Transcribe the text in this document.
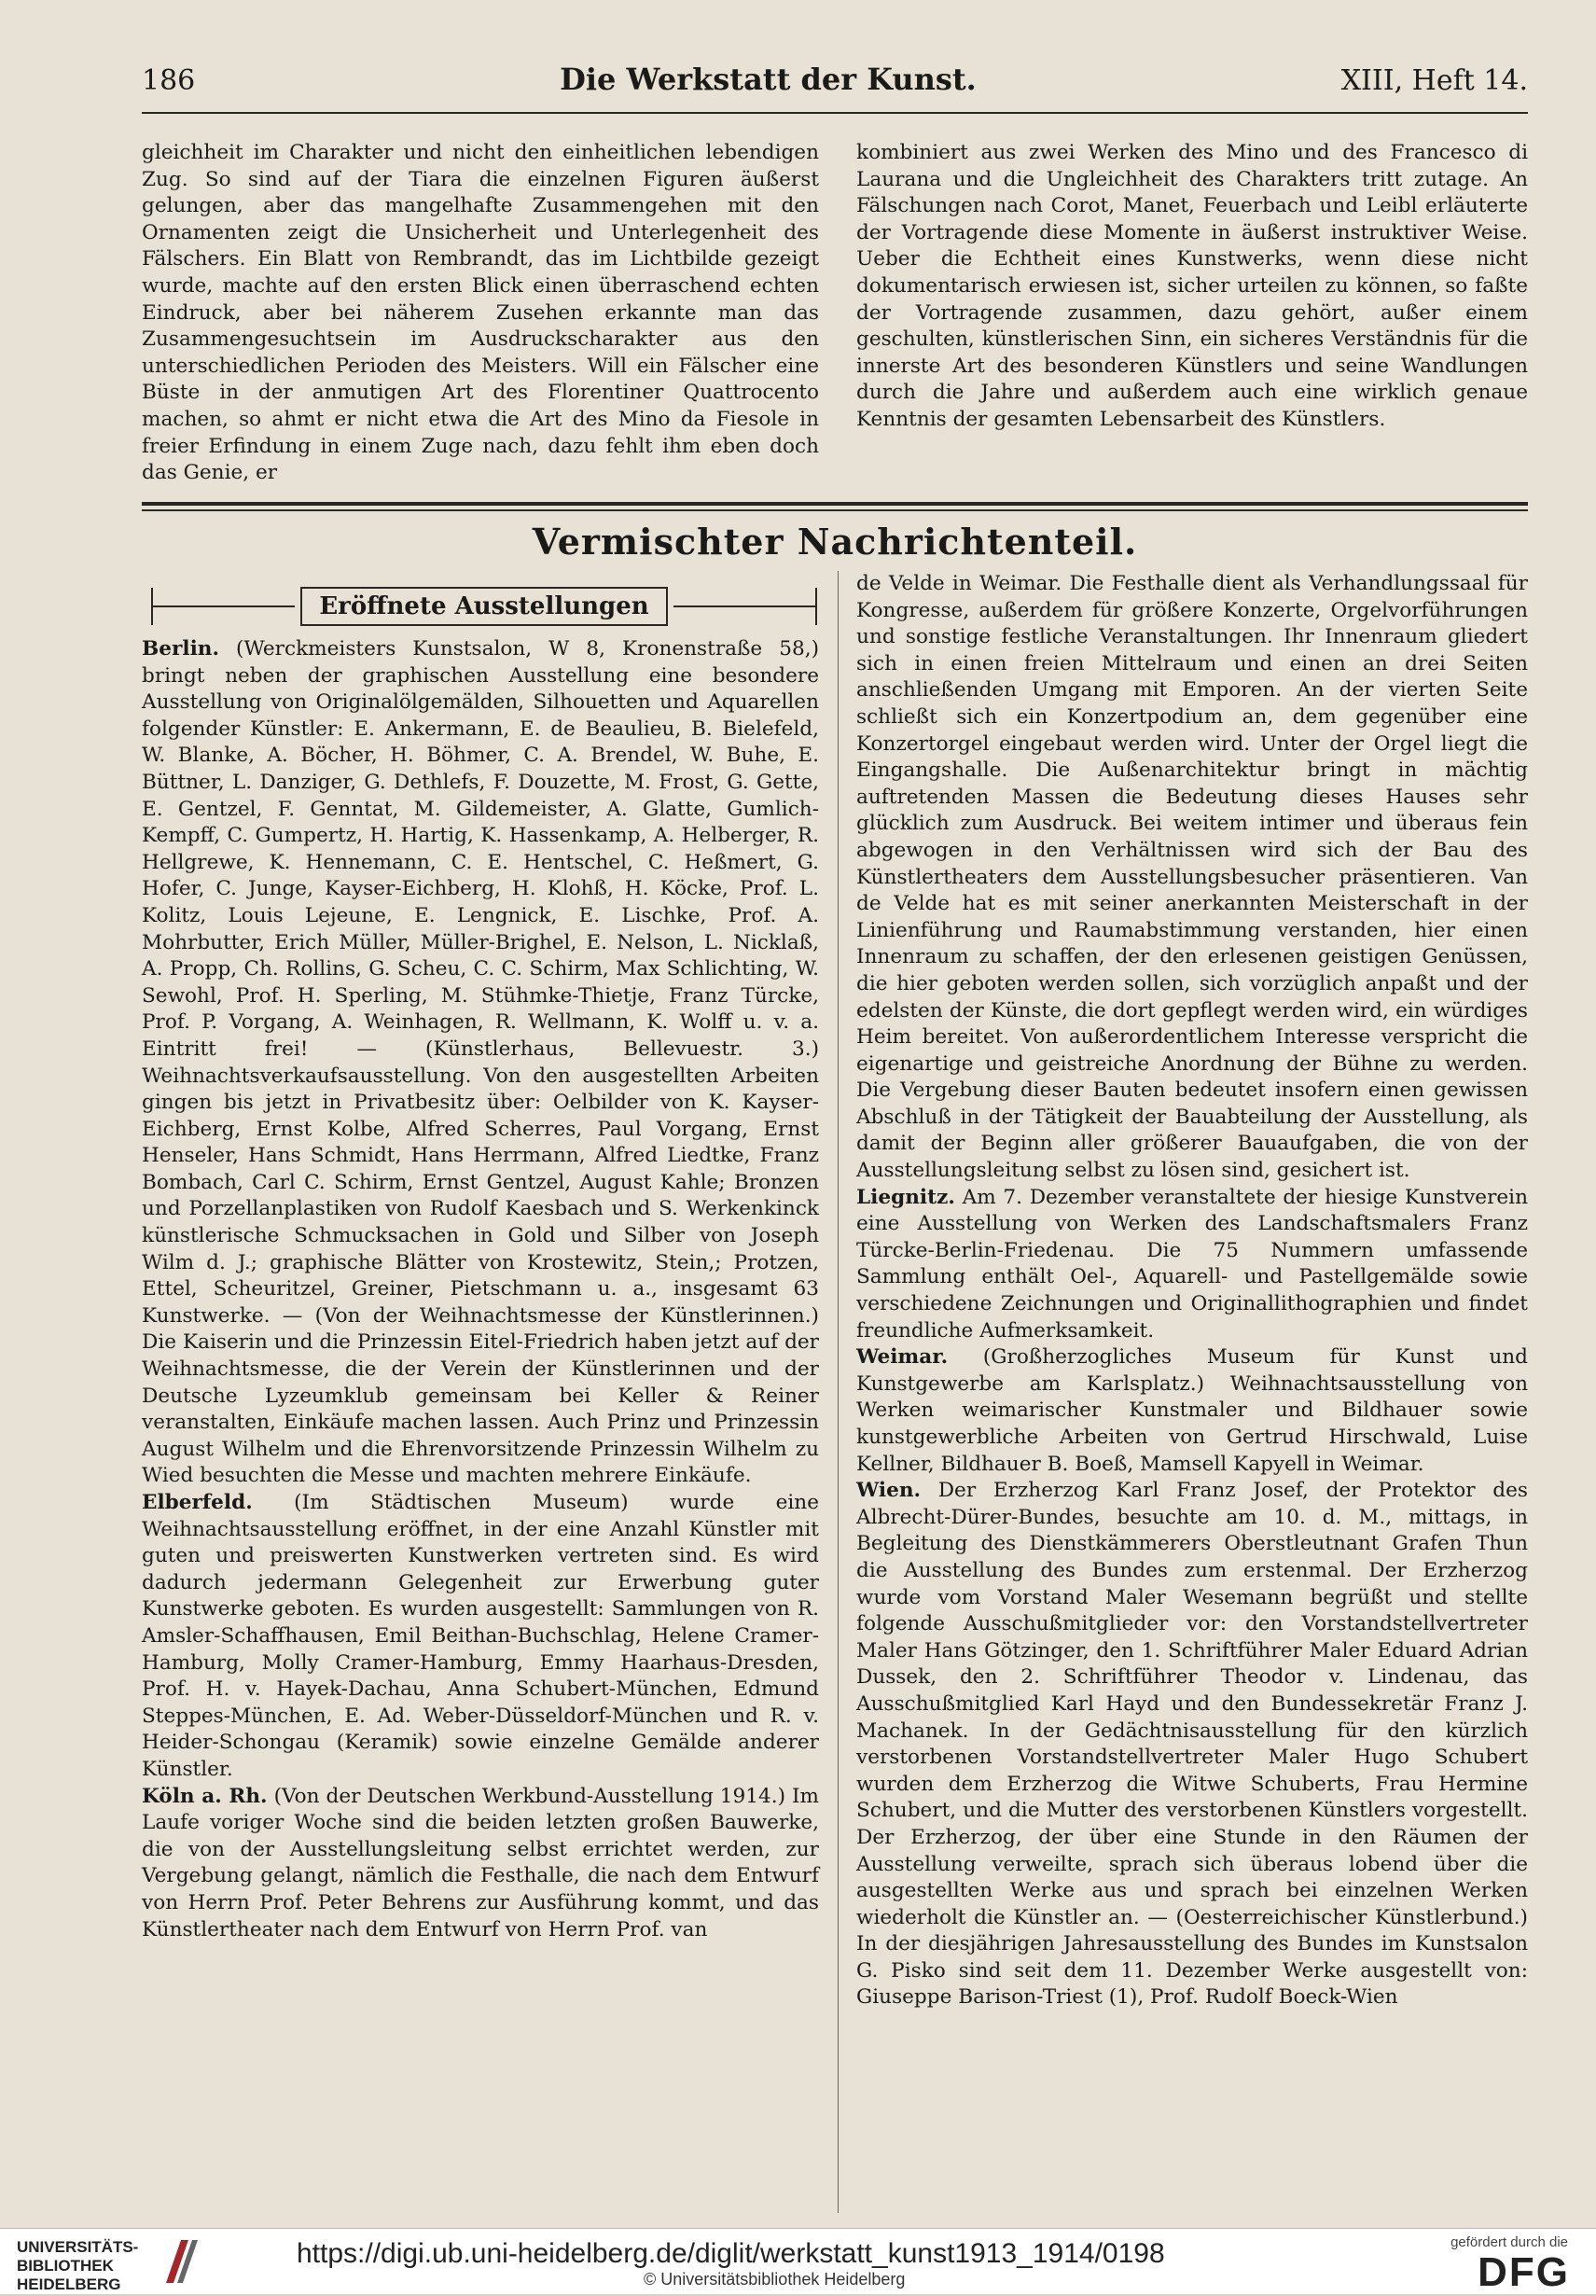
186	Die Werkstatt der Kunst.	XIII, Heft 14.

gleichheit im Charakter und nicht den einheitlichen lebendigen Zug. So sind auf der Tiara die einzelnen Figuren äußerst gelungen, aber das mangelhafte Zusammengehen mit den Ornamenten zeigt die Unsicherheit und Unterlegenheit des Fälschers. Ein Blatt von Rembrandt, das im Lichtbilde gezeigt wurde, machte auf den ersten Blick einen überraschend echten Eindruck, aber bei näherem Zusehen erkannte man das Zusammengesuchtsein im Ausdruckscharakter aus den unterschiedlichen Perioden des Meisters. Will ein Fälscher eine Büste in der anmutigen Art des Florentiner Quattrocento machen, so ahmt er nicht etwa die Art des Mino da Fiesole in freier Erfindung in einem Zuge nach, dazu fehlt ihm eben doch das Genie, er

kombiniert aus zwei Werken des Mino und des Francesco di Laurana und die Ungleichheit des Charakters tritt zutage. An Fälschungen nach Corot, Manet, Feuerbach und Leibl erläuterte der Vortragende diese Momente in äußerst instruktiver Weise. Ueber die Echtheit eines Kunstwerks, wenn diese nicht dokumentarisch erwiesen ist, sicher urteilen zu können, so faßte der Vortragende zusammen, dazu gehört, außer einem geschulten, künstlerischen Sinn, ein sicheres Verständnis für die innerste Art des besonderen Künstlers und seine Wandlungen durch die Jahre und außerdem auch eine wirklich genaue Kenntnis der gesamten Lebensarbeit des Künstlers.

Vermischter Nachrichtenteil.
Eröffnete Ausstellungen

Berlin. (Werckmeisters Kunstsalon, W 8, Kronenstraße 58,) bringt neben der graphischen Ausstellung eine besondere Ausstellung von Originalölgemälden, Silhouetten und Aquarellen folgender Künstler: E. Ankermann, E. de Beaulieu, B. Bielefeld, W. Blanke, A. Böcher, H. Böhmer, C. A. Brendel, W. Buhe, E. Büttner, L. Danziger, G. Dethlefs, F. Douzette, M. Frost, G. Gette, E. Gentzel, F. Genntat, M. Gildemeister, A. Glatte, Gumlich-Kempff, C. Gumpertz, H. Hartig, K. Hassenkamp, A. Helberger, R. Hellgrewe, K. Hennemann, C. E. Hentschel, C. Heßmert, G. Hofer, C. Junge, Kayser-Eichberg, H. Klohß, H. Köcke, Prof. L. Kolitz, Louis Lejeune, E. Lengnick, E. Lischke, Prof. A. Mohrbutter, Erich Müller, Müller-Brighel, E. Nelson, L. Nicklaß, A. Propp, Ch. Rollins, G. Scheu, C. C. Schirm, Max Schlichting, W. Sewohl, Prof. H. Sperling, M. Stühmke-Thietje, Franz Türcke, Prof. P. Vorgang, A. Weinhagen, R. Wellmann, K. Wolff u. v. a. Eintritt frei! — (Künstlerhaus, Bellevuestr. 3.) Weihnachtsverkaufsausstellung. Von den ausgestellten Arbeiten gingen bis jetzt in Privatbesitz über: Oelbilder von K. Kayser-Eichberg, Ernst Kolbe, Alfred Scherres, Paul Vorgang, Ernst Henseler, Hans Schmidt, Hans Herrmann, Alfred Liedtke, Franz Bombach, Carl C. Schirm, Ernst Gentzel, August Kahle; Bronzen und Porzellanplastiken von Rudolf Kaesbach und S. Werkenkinck künstlerische Schmucksachen in Gold und Silber von Joseph Wilm d. J.; graphische Blätter von Krostewitz, Stein,; Protzen, Ettel, Scheuritzel, Greiner, Pietschmann u. a., insgesamt 63 Kunstwerke. — (Von der Weihnachtsmesse der Künstlerinnen.) Die Kaiserin und die Prinzessin Eitel-Friedrich haben jetzt auf der Weihnachtsmesse, die der Verein der Künstlerinnen und der Deutsche Lyzeumklub gemeinsam bei Keller & Reiner veranstalten, Einkäufe machen lassen. Auch Prinz und Prinzessin August Wilhelm und die Ehrenvorsitzende Prinzessin Wilhelm zu Wied besuchten die Messe und machten mehrere Einkäufe.

Elberfeld. (Im Städtischen Museum) wurde eine Weihnachtsausstellung eröffnet, in der eine Anzahl Künstler mit guten und preiswerten Kunstwerken vertreten sind. Es wird dadurch jedermann Gelegenheit zur Erwerbung guter Kunstwerke geboten. Es wurden ausgestellt: Sammlungen von R. Amsler-Schaffhausen, Emil Beithan-Buchschlag, Helene Cramer-Hamburg, Molly Cramer-Hamburg, Emmy Haarhaus-Dresden, Prof. H. v. Hayek-Dachau, Anna Schubert-München, Edmund Steppes-München, E. Ad. Weber-Düsseldorf-München und R. v. Heider-Schongau (Keramik) sowie einzelne Gemälde anderer Künstler.

Köln a. Rh. (Von der Deutschen Werkbund-Ausstellung 1914.) Im Laufe voriger Woche sind die beiden letzten großen Bauwerke, die von der Ausstellungsleitung selbst errichtet werden, zur Vergebung gelangt, nämlich die Festhalle, die nach dem Entwurf von Herrn Prof. Peter Behrens zur Ausführung kommt, und das Künstlertheater nach dem Entwurf von Herrn Prof. van

de Velde in Weimar. Die Festhalle dient als Verhandlungssaal für Kongresse, außerdem für größere Konzerte, Orgelvorführungen und sonstige festliche Veranstaltungen. Ihr Innenraum gliedert sich in einen freien Mittelraum und einen an drei Seiten anschließenden Umgang mit Emporen. An der vierten Seite schließt sich ein Konzertpodium an, dem gegenüber eine Konzertorgel eingebaut werden wird. Unter der Orgel liegt die Eingangshalle. Die Außenarchitektur bringt in mächtig auftretenden Massen die Bedeutung dieses Hauses sehr glücklich zum Ausdruck. Bei weitem intimer und überaus fein abgewogen in den Verhältnissen wird sich der Bau des Künstlertheaters dem Ausstellungsbesucher präsentieren. Van de Velde hat es mit seiner anerkannten Meisterschaft in der Linienführung und Raumabstimmung verstanden, hier einen Innenraum zu schaffen, der den erlesenen geistigen Genüssen, die hier geboten werden sollen, sich vorzüglich anpaßt und der edelsten der Künste, die dort gepflegt werden wird, ein würdiges Heim bereitet. Von außerordentlichem Interesse verspricht die eigenartige und geistreiche Anordnung der Bühne zu werden. Die Vergebung dieser Bauten bedeutet insofern einen gewissen Abschluß in der Tätigkeit der Bauabteilung der Ausstellung, als damit der Beginn aller größerer Bauaufgaben, die von der Ausstellungsleitung selbst zu lösen sind, gesichert ist.

Liegnitz. Am 7. Dezember veranstaltete der hiesige Kunstverein eine Ausstellung von Werken des Landschaftsmalers Franz Türcke-Berlin-Friedenau. Die 75 Nummern umfassende Sammlung enthält Oel-, Aquarell- und Pastellgemälde sowie verschiedene Zeichnungen und Originallithographien und findet freundliche Aufmerksamkeit.

Weimar. (Großherzogliches Museum für Kunst und Kunstgewerbe am Karlsplatz.) Weihnachtsausstellung von Werken weimarischer Kunstmaler und Bildhauer sowie kunstgewerbliche Arbeiten von Gertrud Hirschwald, Luise Kellner, Bildhauer B. Boeß, Mamsell Kapyell in Weimar.

Wien. Der Erzherzog Karl Franz Josef, der Protektor des Albrecht-Dürer-Bundes, besuchte am 10. d. M., mittags, in Begleitung des Dienstkämmerers Oberstleutnant Grafen Thun die Ausstellung des Bundes zum erstenmal. Der Erzherzog wurde vom Vorstand Maler Wesemann begrüßt und stellte folgende Ausschußmitglieder vor: den Vorstandstellvertreter Maler Hans Götzinger, den 1. Schriftführer Maler Eduard Adrian Dussek, den 2. Schriftführer Theodor v. Lindenau, das Ausschußmitglied Karl Hayd und den Bundessekretär Franz J. Machanek. In der Gedächtnisausstellung für den kürzlich verstorbenen Vorstandstellvertreter Maler Hugo Schubert wurden dem Erzherzog die Witwe Schuberts, Frau Hermine Schubert, und die Mutter des verstorbenen Künstlers vorgestellt. Der Erzherzog, der über eine Stunde in den Räumen der Ausstellung verweilte, sprach sich überaus lobend über die ausgestellten Werke aus und sprach bei einzelnen Werken wiederholt die Künstler an. — (Oesterreichischer Künstlerbund.) In der diesjährigen Jahresausstellung des Bundes im Kunstsalon G. Pisko sind seit dem 11. Dezember Werke ausgestellt von: Giuseppe Barison-Triest (1), Prof. Rudolf Boeck-Wien

UNIVERSITÄTS-
BIBLIOTHEK
HEIDELBERG
https://digi.ub.uni-heidelberg.de/diglit/werkstatt_kunst1913_1914/0198
© Universitätsbibliothek Heidelberg
gefördert durch die
DFG
